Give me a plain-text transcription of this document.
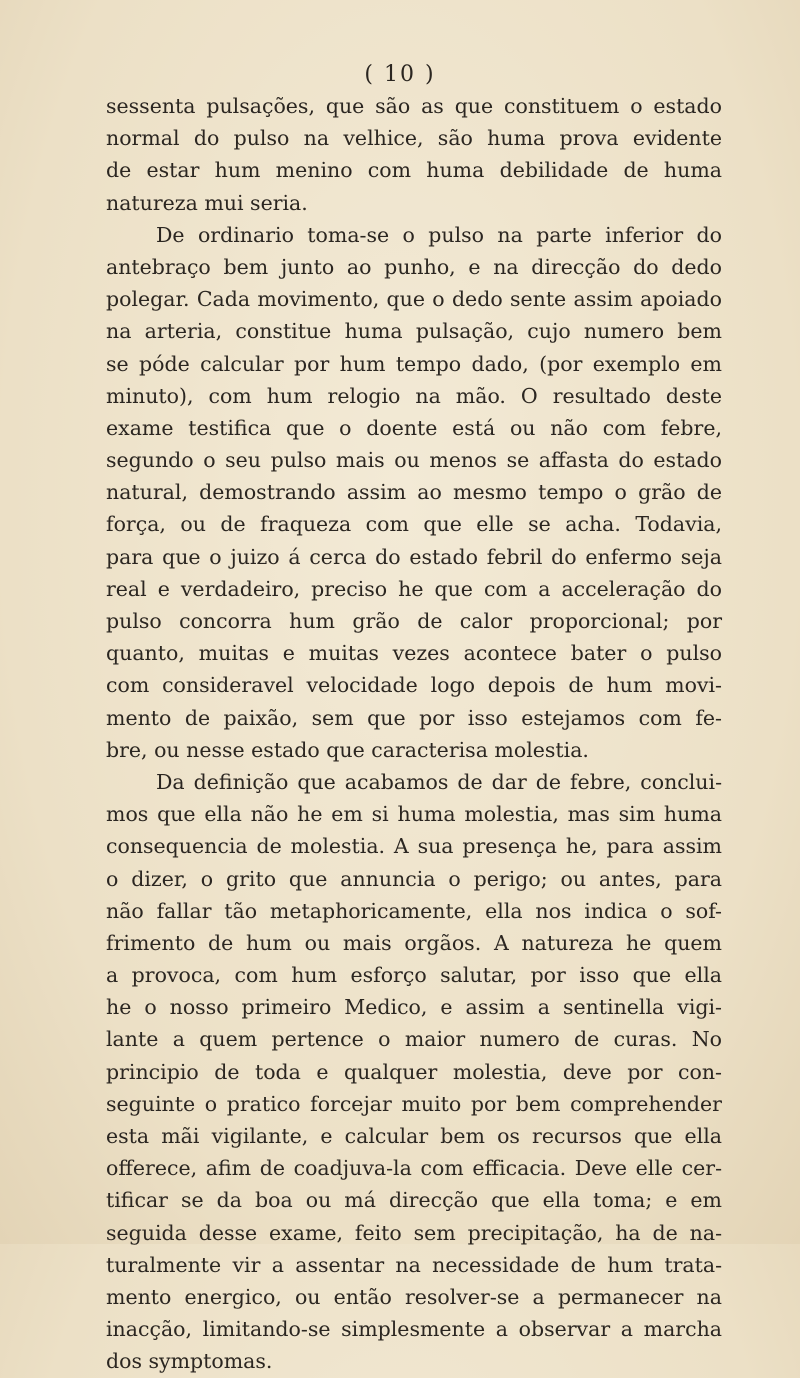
( 10 )
sessenta pulsações, que são as que constituem o estado
normal do pulso na velhice, são huma prova evidente
de estar hum menino com huma debilidade de huma
natureza mui seria.
De ordinario toma-se o pulso na parte inferior do
antebraço bem junto ao punho, e na direcção do dedo
polegar. Cada movimento, que o dedo sente assim apoiado
na arteria, constitue huma pulsação, cujo numero bem
se póde calcular por hum tempo dado, (por exemplo em
minuto), com hum relogio na mão. O resultado deste
exame testifica que o doente está ou não com febre,
segundo o seu pulso mais ou menos se affasta do estado
natural, demostrando assim ao mesmo tempo o grão de
força, ou de fraqueza com que elle se acha. Todavia,
para que o juizo á cerca do estado febril do enfermo seja
real e verdadeiro, preciso he que com a acceleração do
pulso concorra hum grão de calor proporcional; por
quanto, muitas e muitas vezes acontece bater o pulso
com consideravel velocidade logo depois de hum movi-
mento de paixão, sem que por isso estejamos com fe-
bre, ou nesse estado que caracterisa molestia.
Da definição que acabamos de dar de febre, conclui-
mos que ella não he em si huma molestia, mas sim huma
consequencia de molestia. A sua presença he, para assim
o dizer, o grito que annuncia o perigo; ou antes, para
não fallar tão metaphoricamente, ella nos indica o sof-
frimento de hum ou mais orgãos. A natureza he quem
a provoca, com hum esforço salutar, por isso que ella
he o nosso primeiro Medico, e assim a sentinella vigi-
lante a quem pertence o maior numero de curas. No
principio de toda e qualquer molestia, deve por con-
seguinte o pratico forcejar muito por bem comprehender
esta mãi vigilante, e calcular bem os recursos que ella
offerece, afim de coadjuva-la com efficacia. Deve elle cer-
tificar se da boa ou má direcção que ella toma; e em
seguida desse exame, feito sem precipitação, ha de na-
turalmente vir a assentar na necessidade de hum trata-
mento energico, ou então resolver-se a permanecer na
inacção, limitando-se simplesmente a observar a marcha
dos symptomas.
